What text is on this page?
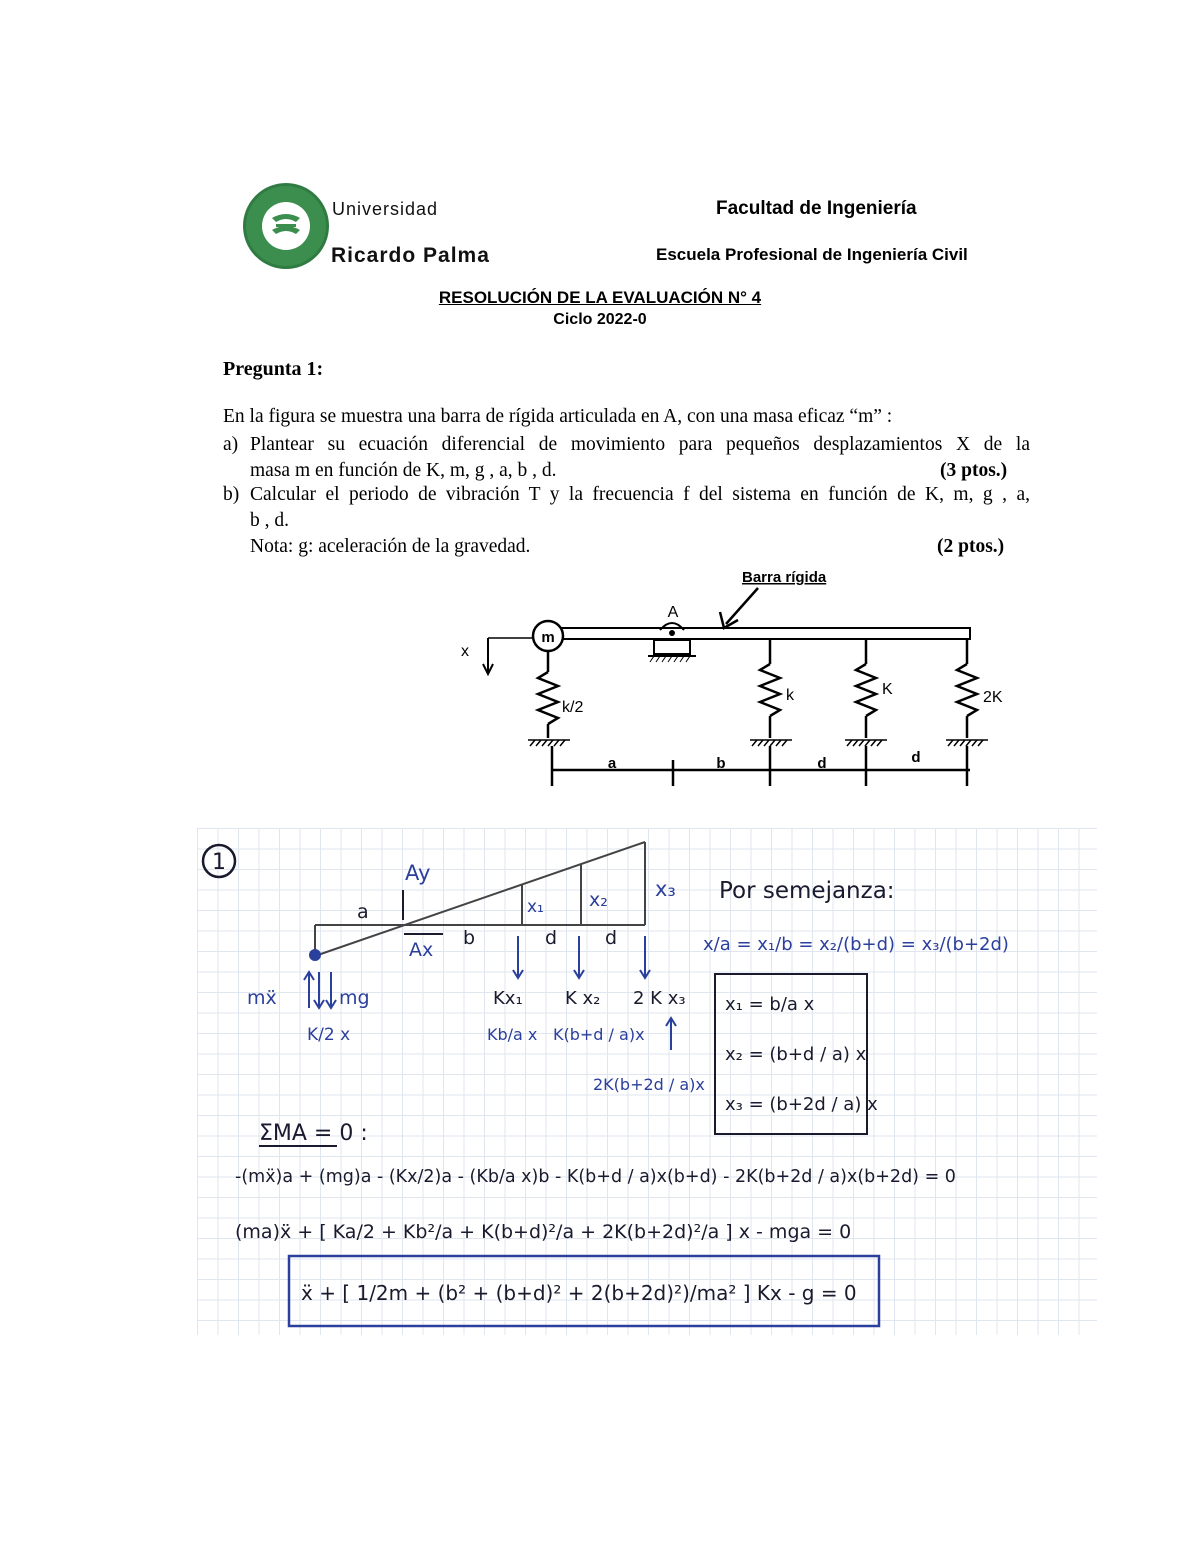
Universidad
Ricardo Palma
Facultad de Ingeniería
Escuela Profesional de Ingeniería Civil
RESOLUCIÓN DE LA EVALUACIÓN N° 4
Ciclo 2022-0
Pregunta 1:
En la figura se muestra una barra de rígida articulada en A, con una masa eficaz “m” :
a) Plantear su ecuación diferencial de movimiento para pequeños desplazamientos X de la
masa m en función de K, m, g , a, b , d.	(3 ptos.)
b) Calcular el periodo de vibración T y la frecuencia f del sistema en función de K, m, g , a,
b , d.
Nota: g: aceleración de la gravedad.	(2 ptos.)
m
x
A
Barra rígida
k/2
k	K	2K
a	b	d	d
1	Ay
Ax
a
b	d	d
x₁ x₂ x₃
mẍ	mg
K/2 x
Kx₁ K x₂ 2 K x₃
Kb/a x K(b+d / a)x
2K(b+2d / a)x
Por semejanza:
x/a = x₁/b = x₂/(b+d) = x₃/(b+2d)
x₁ = b/a x
x₂ = (b+d / a) x
x₃ = (b+2d / a) x
ΣMA = 0 :
-(mẍ)a + (mg)a - (Kx/2)a - (Kb/a x)b - K(b+d / a)x(b+d) - 2K(b+2d / a)x(b+2d) = 0
(ma)ẍ + [ Ka/2 + Kb²/a + K(b+d)²/a + 2K(b+2d)²/a ] x - mga = 0
ẍ + [ 1/2m + (b² + (b+d)² + 2(b+2d)²)/ma² ] Kx - g = 0
